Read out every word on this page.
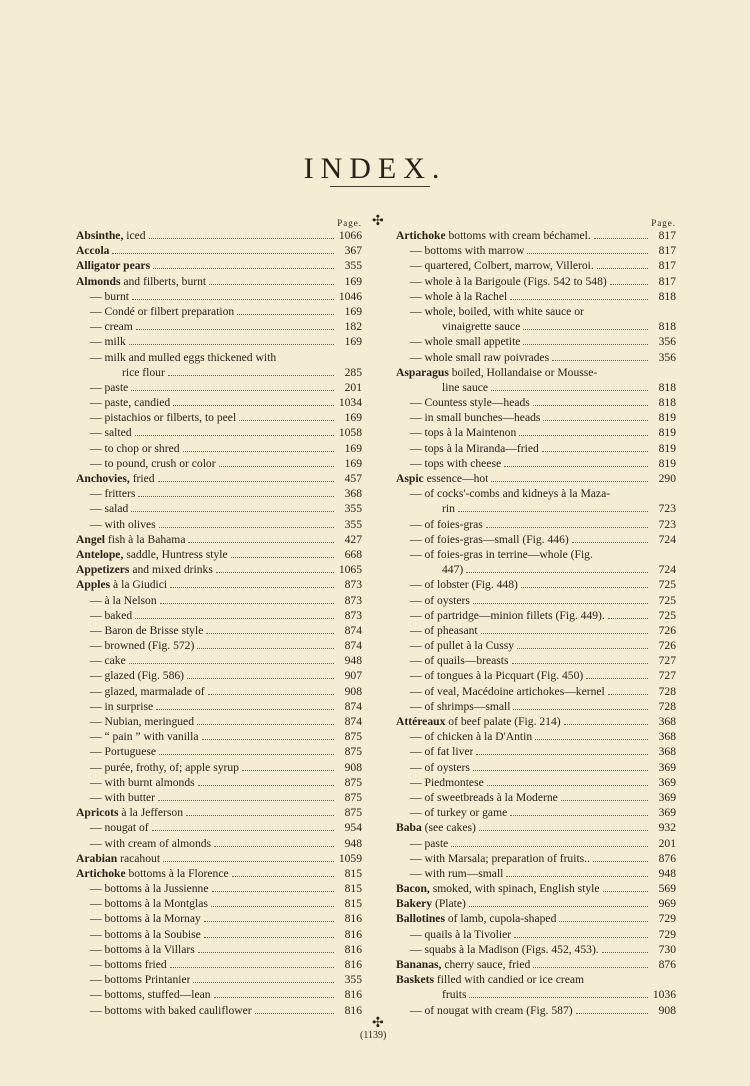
INDEX.
✣
Page.
Absinthe, iced	1066
Accola	367
Alligator pears	355
Almonds and filberts, burnt	169
— burnt	1046
— Condé or filbert preparation	169
— cream	182
— milk	169
— milk and mulled eggs thickened with
rice flour	285
— paste	201
— paste, candied	1034
— pistachios or filberts, to peel	169
— salted	1058
— to chop or shred	169
— to pound, crush or color	169
Anchovies, fried	457
— fritters	368
— salad	355
— with olives	355
Angel fish à la Bahama	427
Antelope, saddle, Huntress style	668
Appetizers and mixed drinks	1065
Apples à la Giudici	873
— à la Nelson	873
— baked	873
— Baron de Brisse style	874
— browned (Fig. 572)	874
— cake	948
— glazed (Fig. 586)	907
— glazed, marmalade of	908
— in surprise	874
— Nubian, meringued	874
— “ pain ” with vanilla	875
— Portuguese	875
— purée, frothy, of; apple syrup	908
— with burnt almonds	875
— with butter	875
Apricots à la Jefferson	875
— nougat of	954
— with cream of almonds	948
Arabian racahout	1059
Artichoke bottoms à la Florence	815
— bottoms à la Jussienne	815
— bottoms à la Montglas	815
— bottoms à la Mornay	816
— bottoms à la Soubise	816
— bottoms à la Villars	816
— bottoms fried	816
— bottoms Printanier	355
— bottoms, stuffed—lean	816
— bottoms with baked cauliflower	816
Page.
Artichoke bottoms with cream béchamel.	817
— bottoms with marrow	817
— quartered, Colbert, marrow, Villeroi.	817
— whole à la Barigoule (Figs. 542 to 548)	817
— whole à la Rachel	818
— whole, boiled, with white sauce or
vinaigrette sauce	818
— whole small appetite	356
— whole small raw poivrades	356
Asparagus boiled, Hollandaise or Mousse-
line sauce	818
— Countess style—heads	818
— in small bunches—heads	819
— tops à la Maintenon	819
— tops à la Miranda—fried	819
— tops with cheese	819
Aspic essence—hot	290
— of cocks'-combs and kidneys à la Maza-
rin	723
— of foies-gras	723
— of foies-gras—small (Fig. 446)	724
— of foies-gras in terrine—whole (Fig.
447)	724
— of lobster (Fig. 448)	725
— of oysters	725
— of partridge—minion fillets (Fig. 449).	725
— of pheasant	726
— of pullet à la Cussy	726
— of quails—breasts	727
— of tongues à la Picquart (Fig. 450)	727
— of veal, Macédoine artichokes—kernel	728
— of shrimps—small	728
Attéreaux of beef palate (Fig. 214)	368
— of chicken à la D'Antin	368
— of fat liver	368
— of oysters	369
— Piedmontese	369
— of sweetbreads à la Moderne	369
— of turkey or game	369
Baba (see cakes)	932
— paste	201
— with Marsala; preparation of fruits..	876
— with rum—small	948
Bacon, smoked, with spinach, English style	569
Bakery (Plate)	969
Ballotines of lamb, cupola-shaped	729
— quails à la Tivolier	729
— squabs à la Madison (Figs. 452, 453).	730
Bananas, cherry sauce, fried	876
Baskets filled with candied or ice cream
fruits	1036
— of nougat with cream (Fig. 587)	908
✣
(1139)
